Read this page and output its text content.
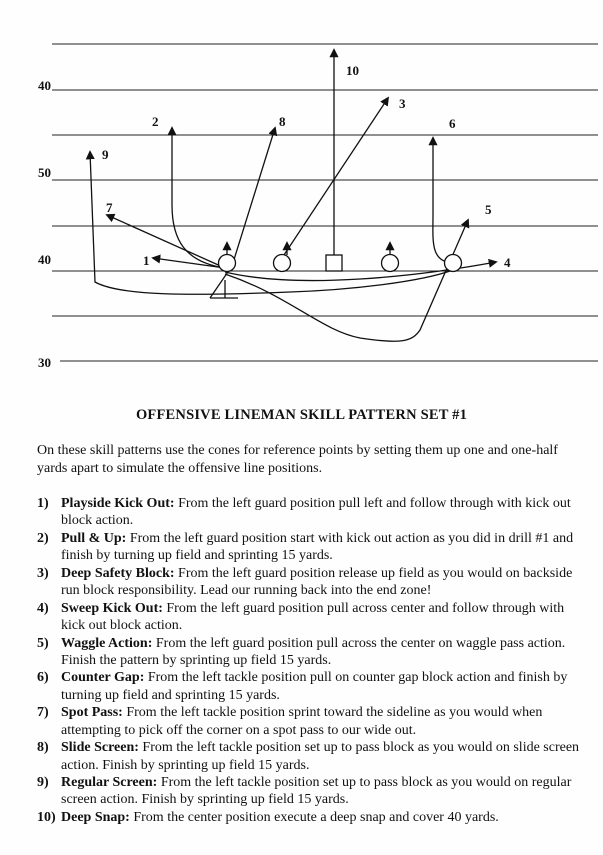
40
50
40
30
1
2
3
4
5
6
7
8
9
10
OFFENSIVE LINEMAN SKILL PATTERN SET #1
On these skill patterns use the cones for reference points by setting them up one and one-half yards apart to simulate the offensive line positions.
1) Playside Kick Out: From the left guard position pull left and follow through with kick out block action.
2) Pull & Up: From the left guard position start with kick out action as you did in drill #1 and finish by turning up field and sprinting 15 yards.
3) Deep Safety Block: From the left guard position release up field as you would on backside run block responsibility. Lead our running back into the end zone!
4) Sweep Kick Out: From the left guard position pull across center and follow through with kick out block action.
5) Waggle Action: From the left guard position pull across the center on waggle pass action. Finish the pattern by sprinting up field 15 yards.
6) Counter Gap: From the left tackle position pull on counter gap block action and finish by turning up field and sprinting 15 yards.
7) Spot Pass: From the left tackle position sprint toward the sideline as you would when attempting to pick off the corner on a spot pass to our wide out.
8) Slide Screen: From the left tackle position set up to pass block as you would on slide screen action. Finish by sprinting up field 15 yards.
9) Regular Screen: From the left tackle position set up to pass block as you would on regular screen action. Finish by sprinting up field 15 yards.
10) Deep Snap: From the center position execute a deep snap and cover 40 yards.
